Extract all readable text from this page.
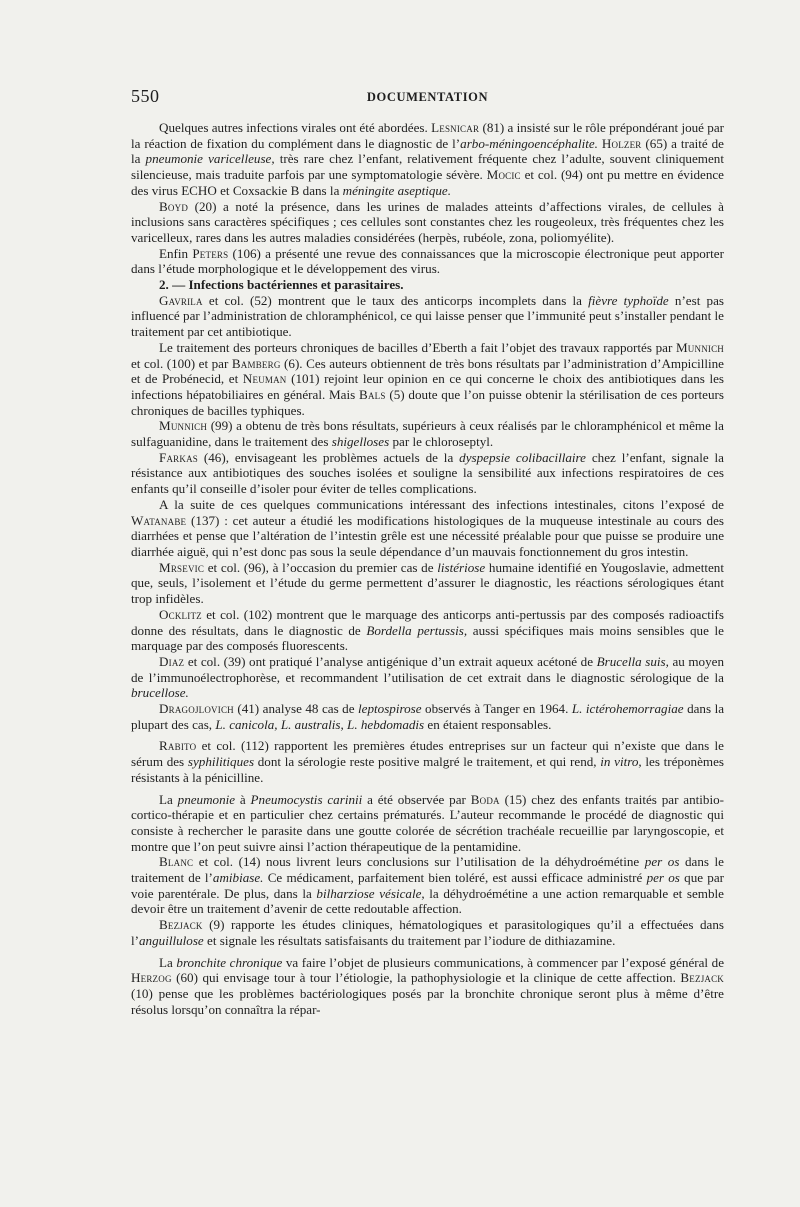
550	DOCUMENTATION

Quelques autres infections virales ont été abordées. Lesnicar (81) a insisté sur le rôle prépondérant joué par la réaction de fixation du complément dans le diagnostic de l’arbo-méningoencéphalite. Holzer (65) a traité de la pneumonie varicelleuse, très rare chez l’enfant, relativement fréquente chez l’adulte, souvent cliniquement silencieuse, mais traduite parfois par une symptomatologie sévère. Mocic et col. (94) ont pu mettre en évidence des virus ECHO et Coxsackie B dans la méningite aseptique.

Boyd (20) a noté la présence, dans les urines de malades atteints d’affections virales, de cellules à inclusions sans caractères spécifiques ; ces cellules sont constantes chez les rougeoleux, très fréquentes chez les varicelleux, rares dans les autres maladies considérées (herpès, rubéole, zona, poliomyélite).

Enfin Peters (106) a présenté une revue des connaissances que la microscopie électronique peut apporter dans l’étude morphologique et le développement des virus.

2. — Infections bactériennes et parasitaires.

Gavrila et col. (52) montrent que le taux des anticorps incomplets dans la fièvre typhoïde n’est pas influencé par l’administration de chloramphénicol, ce qui laisse penser que l’immunité peut s’installer pendant le traitement par cet antibiotique.

Le traitement des porteurs chroniques de bacilles d’Eberth a fait l’objet des travaux rapportés par Munnich et col. (100) et par Bamberg (6). Ces auteurs obtiennent de très bons résultats par l’administration d’Ampicilline et de Probénecid, et Neuman (101) rejoint leur opinion en ce qui concerne le choix des antibiotiques dans les infections hépatobiliaires en général. Mais Bals (5) doute que l’on puisse obtenir la stérilisation de ces porteurs chroniques de bacilles typhiques.

Munnich (99) a obtenu de très bons résultats, supérieurs à ceux réalisés par le chloramphénicol et même la sulfaguanidine, dans le traitement des shigelloses par le chloroseptyl.

Farkas (46), envisageant les problèmes actuels de la dyspepsie colibacillaire chez l’enfant, signale la résistance aux antibiotiques des souches isolées et souligne la sensibilité aux infections respiratoires de ces enfants qu’il conseille d’isoler pour éviter de telles complications.

A la suite de ces quelques communications intéressant des infections intestinales, citons l’exposé de Watanabe (137) : cet auteur a étudié les modifications histologiques de la muqueuse intestinale au cours des diarrhées et pense que l’altération de l’intestin grêle est une nécessité préalable pour que puisse se produire une diarrhée aiguë, qui n’est donc pas sous la seule dépendance d’un mauvais fonctionnement du gros intestin.

Mrsevic et col. (96), à l’occasion du premier cas de listériose humaine identifié en Yougoslavie, admettent que, seuls, l’isolement et l’étude du germe permettent d’assurer le diagnostic, les réactions sérologiques étant trop infidèles.

Ocklitz et col. (102) montrent que le marquage des anticorps anti-pertussis par des composés radioactifs donne des résultats, dans le diagnostic de Bordella pertussis, aussi spécifiques mais moins sensibles que le marquage par des composés fluorescents.

Diaz et col. (39) ont pratiqué l’analyse antigénique d’un extrait aqueux acétoné de Brucella suis, au moyen de l’immunoélectrophorèse, et recommandent l’utilisation de cet extrait dans le diagnostic sérologique de la brucellose.

Dragojlovich (41) analyse 48 cas de leptospirose observés à Tanger en 1964. L. ictérohemorragiae dans la plupart des cas, L. canicola, L. australis, L. hebdomadis en étaient responsables.

Rabito et col. (112) rapportent les premières études entreprises sur un facteur qui n’existe que dans le sérum des syphilitiques dont la sérologie reste positive malgré le traitement, et qui rend, in vitro, les tréponèmes résistants à la pénicilline.

La pneumonie à Pneumocystis carinii a été observée par Boda (15) chez des enfants traités par antibio-cortico-thérapie et en particulier chez certains prématurés. L’auteur recommande le procédé de diagnostic qui consiste à rechercher le parasite dans une goutte colorée de sécrétion trachéale recueillie par laryngoscopie, et montre que l’on peut suivre ainsi l’action thérapeutique de la pentamidine.

Blanc et col. (14) nous livrent leurs conclusions sur l’utilisation de la déhydroémétine per os dans le traitement de l’amibiase. Ce médicament, parfaitement bien toléré, est aussi efficace administré per os que par voie parentérale. De plus, dans la bilharziose vésicale, la déhydroémétine a une action remarquable et semble devoir être un traitement d’avenir de cette redoutable affection.

Bezjack (9) rapporte les études cliniques, hématologiques et parasitologiques qu’il a effectuées dans l’anguillulose et signale les résultats satisfaisants du traitement par l’iodure de dithiazamine.

La bronchite chronique va faire l’objet de plusieurs communications, à commencer par l’exposé général de Herzog (60) qui envisage tour à tour l’étiologie, la pathophysiologie et la clinique de cette affection. Bezjack (10) pense que les problèmes bactériologiques posés par la bronchite chronique seront plus à même d’être résolus lorsqu’on connaîtra la répar-
